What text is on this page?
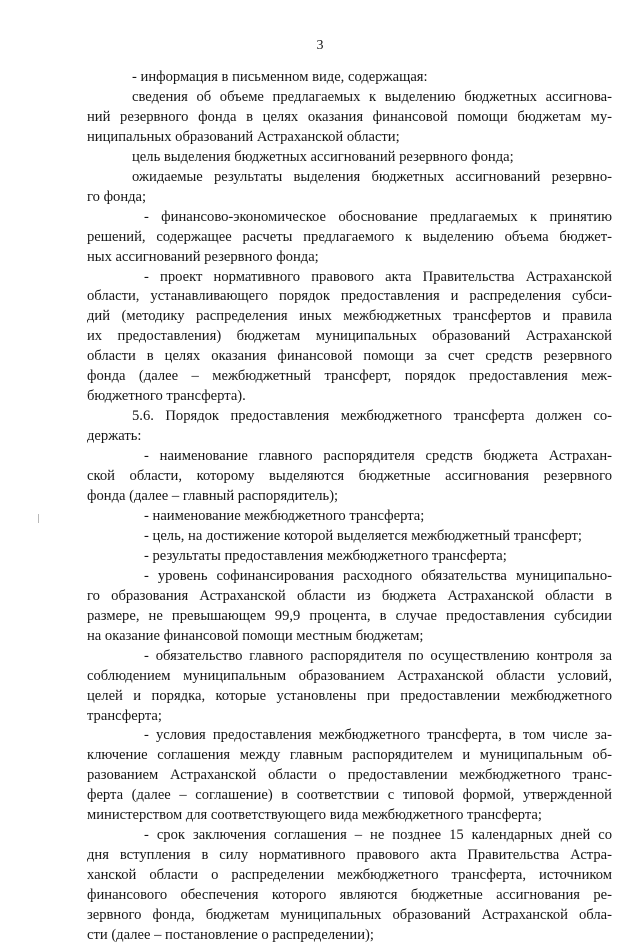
3
- информация в письменном виде, содержащая:
сведения об объеме предлагаемых к выделению бюджетных ассигнова-
ний резервного фонда в целях оказания финансовой помощи бюджетам му-
ниципальных образований Астраханской области;
цель выделения бюджетных ассигнований резервного фонда;
ожидаемые результаты выделения бюджетных ассигнований резервно-
го фонда;
- финансово-экономическое обоснование предлагаемых к принятию
решений, содержащее расчеты предлагаемого к выделению объема бюджет-
ных ассигнований резервного фонда;
- проект нормативного правового акта Правительства Астраханской
области, устанавливающего порядок предоставления и распределения субси-
дий (методику распределения иных межбюджетных трансфертов и правила
их предоставления) бюджетам муниципальных образований Астраханской
области в целях оказания финансовой помощи за счет средств резервного
фонда (далее – межбюджетный трансферт, порядок предоставления меж-
бюджетного трансферта).
5.6. Порядок предоставления межбюджетного трансферта должен со-
держать:
- наименование главного распорядителя средств бюджета Астрахан-
ской области, которому выделяются бюджетные ассигнования резервного
фонда (далее – главный распорядитель);
- наименование межбюджетного трансферта;
- цель, на достижение которой выделяется межбюджетный трансферт;
- результаты предоставления межбюджетного трансферта;
- уровень софинансирования расходного обязательства муниципально-
го образования Астраханской области из бюджета Астраханской области в
размере, не превышающем 99,9 процента, в случае предоставления субсидии
на оказание финансовой помощи местным бюджетам;
- обязательство главного распорядителя по осуществлению контроля за
соблюдением муниципальным образованием Астраханской области условий,
целей и порядка, которые установлены при предоставлении межбюджетного
трансферта;
- условия предоставления межбюджетного трансферта, в том числе за-
ключение соглашения между главным распорядителем и муниципальным об-
разованием Астраханской области о предоставлении межбюджетного транс-
ферта (далее – соглашение) в соответствии с типовой формой, утвержденной
министерством для соответствующего вида межбюджетного трансферта;
- срок заключения соглашения – не позднее 15 календарных дней со
дня вступления в силу нормативного правового акта Правительства Астра-
ханской области о распределении межбюджетного трансферта, источником
финансового обеспечения которого являются бюджетные ассигнования ре-
зервного фонда, бюджетам муниципальных образований Астраханской обла-
сти (далее – постановление о распределении);
